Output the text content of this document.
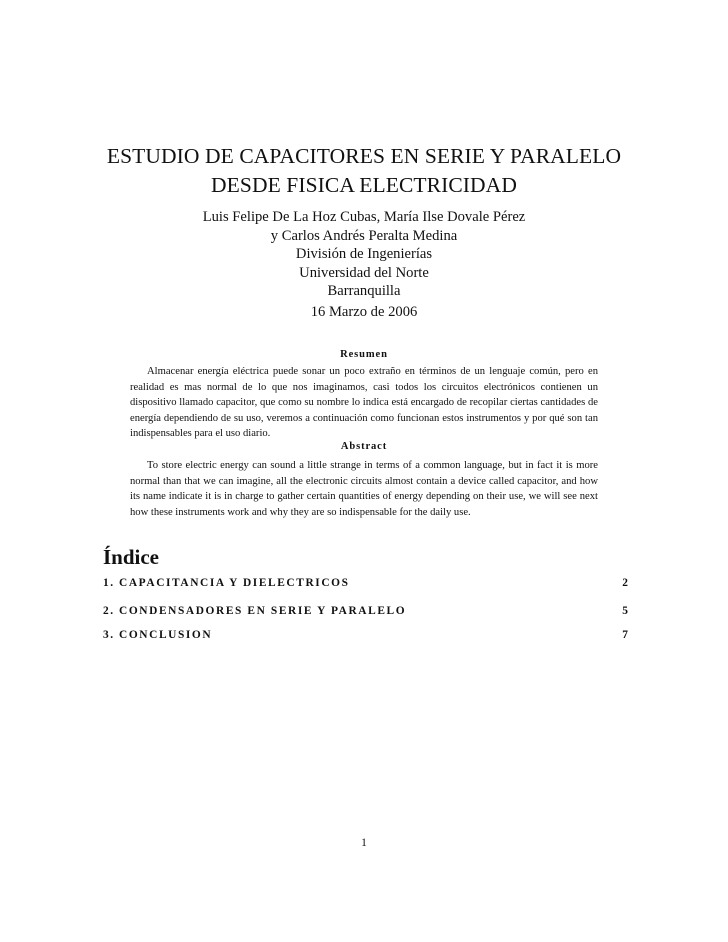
ESTUDIO DE CAPACITORES EN SERIE Y PARALELO
DESDE FISICA ELECTRICIDAD
Luis Felipe De La Hoz Cubas, María Ilse Dovale Pérez
y Carlos Andrés Peralta Medina
División de Ingenierías
Universidad del Norte
Barranquilla
16 Marzo de 2006
Resumen

Almacenar energía eléctrica puede sonar un poco extraño en términos de un lenguaje común, pero en realidad es mas normal de lo que nos imaginamos, casi todos los circuitos electrónicos contienen un dispositivo llamado capacitor, que como su nombre lo indica está encargado de recopilar ciertas cantidades de energía dependiendo de su uso, veremos a continuación como funcionan estos instrumentos y por qué son tan indispensables para el uso diario.

Abstract

To store electric energy can sound a little strange in terms of a common language, but in fact it is more normal than that we can imagine, all the electronic circuits almost contain a device called capacitor, and how its name indicate it is in charge to gather certain quantities of energy depending on their use, we will see next how these instruments work and why they are so indispensable for the daily use.

Índice
1. CAPACITANCIA Y DIELECTRICOS	2
2. CONDENSADORES EN SERIE Y PARALELO	5
3. CONCLUSION	7
1
